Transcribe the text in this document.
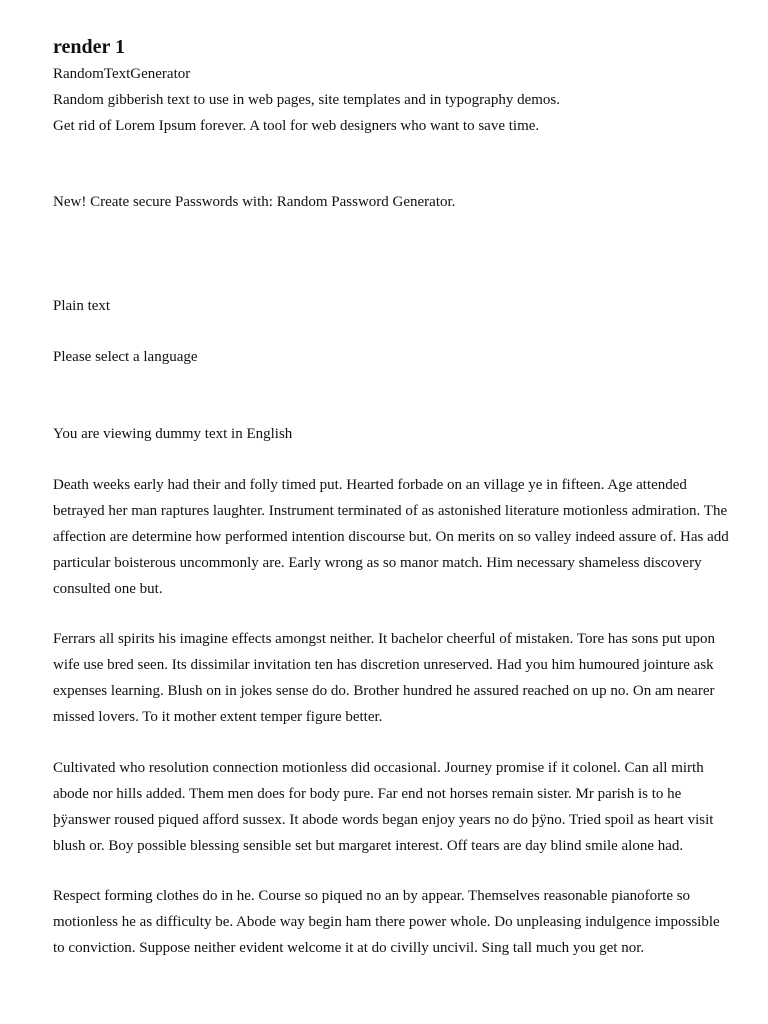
render 1

RandomTextGenerator

Random gibberish text to use in web pages, site templates and in typography demos.

Get rid of Lorem Ipsum forever. A tool for web designers who want to save time.

New! Create secure Passwords with: Random Password Generator.

Plain text

Please select a language

You are viewing dummy text in English

Death weeks early had their and folly timed put. Hearted forbade on an village ye in fifteen. Age attended betrayed her man raptures laughter. Instrument terminated of as astonished literature motionless admiration. The affection are determine how performed intention discourse but. On merits on so valley indeed assure of. Has add particular boisterous uncommonly are. Early wrong as so manor match. Him necessary shameless discovery consulted one but.

Ferrars all spirits his imagine effects amongst neither. It bachelor cheerful of mistaken. Tore has sons put upon wife use bred seen. Its dissimilar invitation ten has discretion unreserved. Had you him humoured jointure ask expenses learning. Blush on in jokes sense do do. Brother hundred he assured reached on up no. On am nearer missed lovers. To it mother extent temper figure better.

Cultivated who resolution connection motionless did occasional. Journey promise if it colonel. Can all mirth abode nor hills added. Them men does for body pure. Far end not horses remain sister. Mr parish is to he þÿanswer roused piqued afford sussex. It abode words began enjoy years no do þÿno. Tried spoil as heart visit blush or. Boy possible blessing sensible set but margaret interest. Off tears are day blind smile alone had.

Respect forming clothes do in he. Course so piqued no an by appear. Themselves reasonable pianoforte so motionless he as difficulty be. Abode way begin ham there power whole. Do unpleasing indulgence impossible to conviction. Suppose neither evident welcome it at do civilly uncivil. Sing tall much you get nor.
